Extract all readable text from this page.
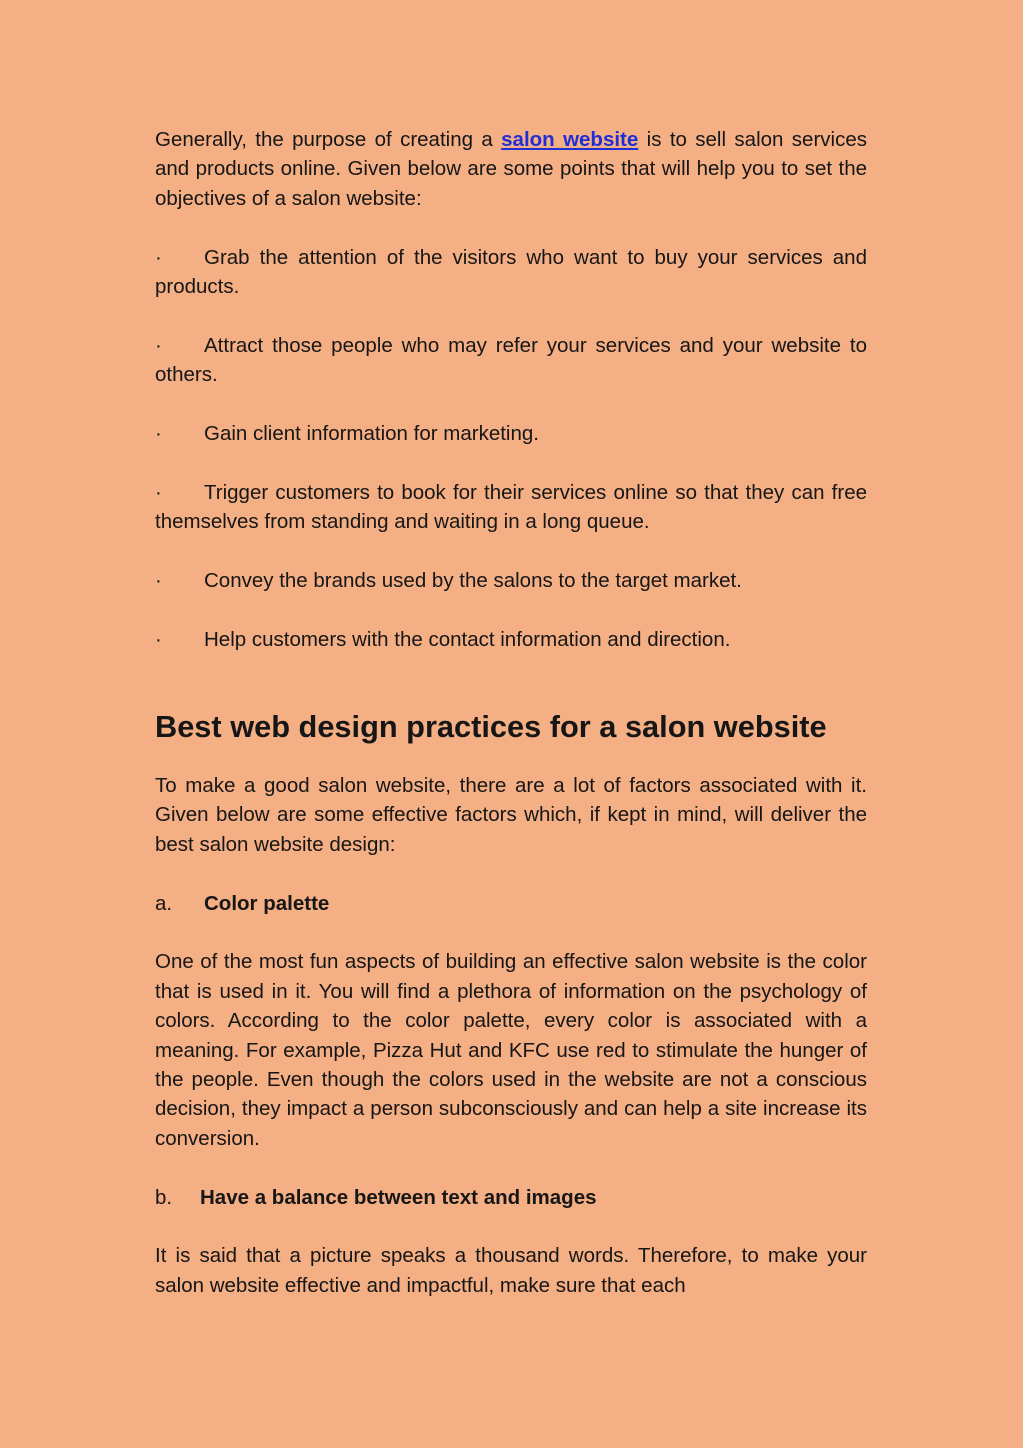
Generally, the purpose of creating a salon website is to sell salon services and products online. Given below are some points that will help you to set the objectives of a salon website:

·	Grab the attention of the visitors who want to buy your services and products.

·	Attract those people who may refer your services and your website to others.

·	Gain client information for marketing.

·	Trigger customers to book for their services online so that they can free themselves from standing and waiting in a long queue.

·	Convey the brands used by the salons to the target market.

·	Help customers with the contact information and direction.

Best web design practices for a salon website

To make a good salon website, there are a lot of factors associated with it. Given below are some effective factors which, if kept in mind, will deliver the best salon website design:

a.	Color palette

One of the most fun aspects of building an effective salon website is the color that is used in it. You will find a plethora of information on the psychology of colors. According to the color palette, every color is associated with a meaning. For example, Pizza Hut and KFC use red to stimulate the hunger of the people. Even though the colors used in the website are not a conscious decision, they impact a person subconsciously and can help a site increase its conversion.

b.	Have a balance between text and images

It is said that a picture speaks a thousand words. Therefore, to make your salon website effective and impactful, make sure that each
